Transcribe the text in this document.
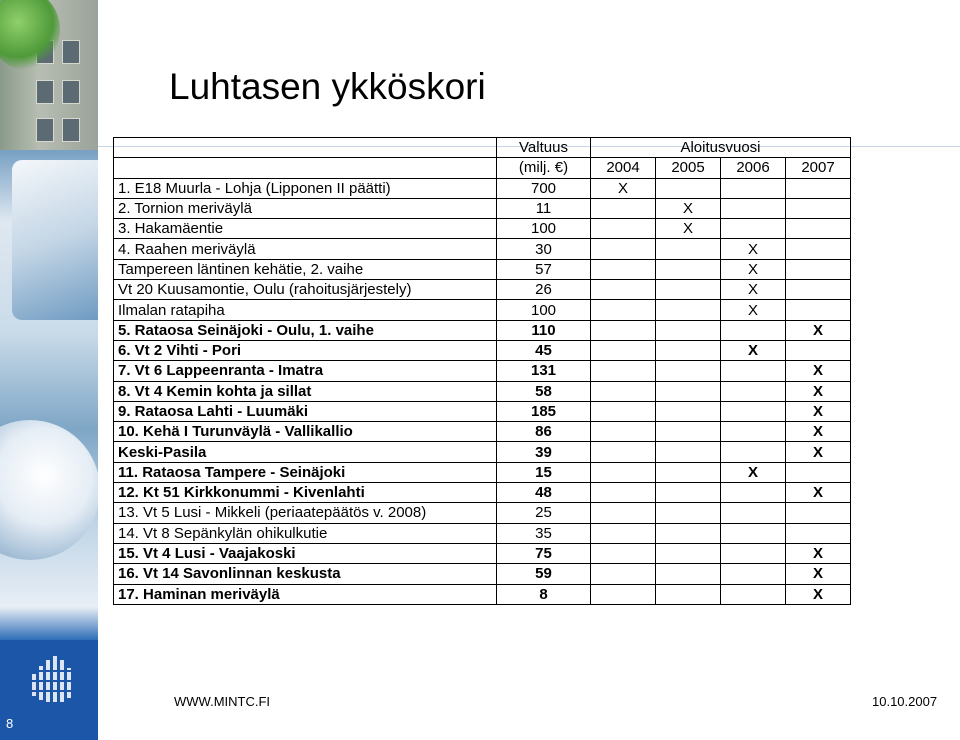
8
Luhtasen ykköskori
	Valtuus	Aloitusvuosi			
	(milj. €)	2004	2005	2006	2007
1. E18 Muurla - Lohja (Lipponen II päätti)	700	X			
2. Tornion meriväylä	11		X		
3. Hakamäentie	100		X		
4. Raahen meriväylä	30			X	
Tampereen läntinen kehätie, 2. vaihe	57			X	
Vt 20 Kuusamontie, Oulu (rahoitusjärjestely)	26			X	
Ilmalan ratapiha	100			X	
5. Rataosa Seinäjoki - Oulu, 1. vaihe	110				X
6. Vt 2 Vihti - Pori	45			X	
7. Vt 6 Lappeenranta - Imatra	131				X
8. Vt 4 Kemin kohta ja sillat	58				X
9. Rataosa Lahti - Luumäki	185				X
10. Kehä I Turunväylä - Vallikallio	86				X
Keski-Pasila	39				X
11. Rataosa Tampere - Seinäjoki	15			X	
12. Kt 51 Kirkkonummi - Kivenlahti	48				X
13. Vt 5 Lusi - Mikkeli (periaatepäätös v. 2008)	25				
14. Vt 8 Sepänkylän ohikulkutie	35				
15. Vt 4 Lusi - Vaajakoski	75				X
16. Vt 14 Savonlinnan keskusta	59				X
17. Haminan meriväylä	8				X
WWW.MINTC.FI	10.10.2007
